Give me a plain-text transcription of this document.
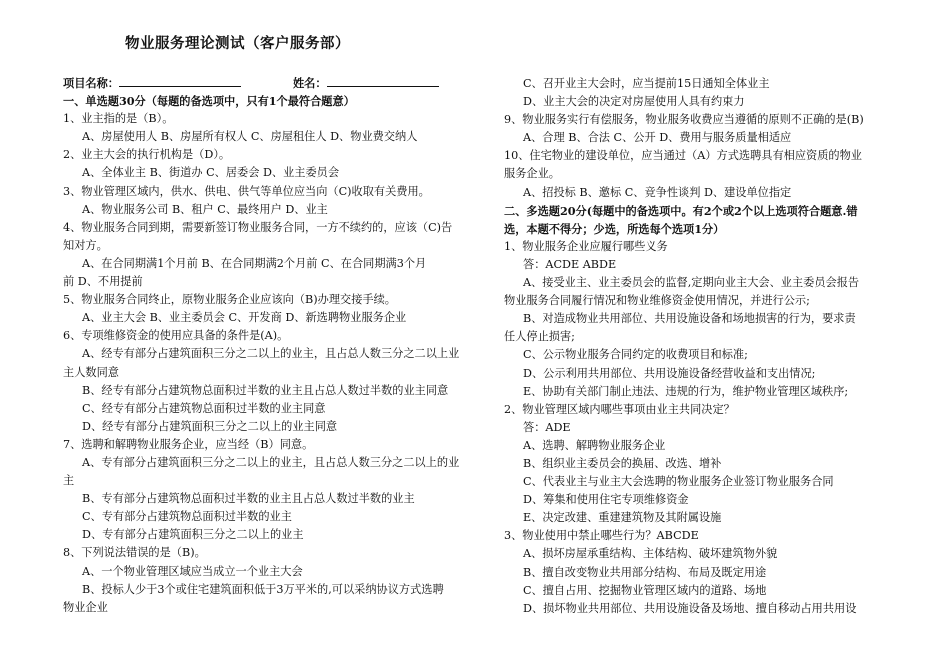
物业服务理论测试（客户服务部）
项目名称：	姓名：
一、单选题30分（每题的备选项中，只有1个最符合题意）
1、业主指的是（B）。
A、房屋使用人 B、房屋所有权人 C、房屋租住人 D、物业费交纳人
2、业主大会的执行机构是（D）。
A、全体业主 B、街道办 C、居委会 D、业主委员会
3、物业管理区域内，供水、供电、供气等单位应当向（C)收取有关费用。
A、物业服务公司 B、租户 C、最终用户 D、业主
4、物业服务合同到期，需要新签订物业服务合同，一方不续约的，应该（C)告
知对方。
A、在合同期满1个月前 B、在合同期满2个月前 C、在合同期满3个月
前 D、不用提前
5、物业服务合同终止，原物业服务企业应该向（B)办理交接手续。
A、业主大会 B、业主委员会 C、开发商 D、新选聘物业服务企业
6、专项维修资金的使用应具备的条件是(A)。
A、经专有部分占建筑面积三分之二以上的业主，且占总人数三分之二以上业
主人数同意
B、经专有部分占建筑物总面积过半数的业主且占总人数过半数的业主同意
C、经专有部分占建筑物总面积过半数的业主同意
D、经专有部分占建筑面积三分之二以上的业主同意
7、选聘和解聘物业服务企业，应当经（B）同意。
A、专有部分占建筑面积三分之二以上的业主，且占总人数三分之二以上的业
主
B、专有部分占建筑物总面积过半数的业主且占总人数过半数的业主
C、专有部分占建筑物总面积过半数的业主
D、专有部分占建筑面积三分之二以上的业主
8、下列说法错误的是（B)。
A、一个物业管理区域应当成立一个业主大会
B、投标人少于3个或住宅建筑面积低于3万平米的,可以采纳协议方式选聘
物业企业
C、召开业主大会时，应当提前15日通知全体业主
D、业主大会的决定对房屋使用人具有约束力
9、物业服务实行有偿服务，物业服务收费应当遵循的原则不正确的是(B)
A、合理 B、合法 C、公开 D、费用与服务质量相适应
10、住宅物业的建设单位，应当通过（A）方式选聘具有相应资质的物业
服务企业。
A、招投标 B、邀标 C、竞争性谈判 D、建设单位指定
二、多选题20分(每题中的备选项中。有2个或2个以上选项符合题意.错
选，本题不得分；少选，所选每个选项1分）
1、物业服务企业应履行哪些义务
答：ACDE ABDE
A、接受业主、业主委员会的监督,定期向业主大会、业主委员会报告
物业服务合同履行情况和物业维修资金使用情况，并进行公示;
B、对造成物业共用部位、共用设施设备和场地损害的行为，要求责
任人停止损害;
C、公示物业服务合同约定的收费项目和标准;
D、公示利用共用部位、共用设施设备经营收益和支出情况;
E、协助有关部门制止违法、违规的行为，维护物业管理区域秩序;
2、物业管理区域内哪些事项由业主共同决定？
答：ADE
A、选聘、解聘物业服务企业
B、组织业主委员会的换届、改选、增补
C、代表业主与业主大会选聘的物业服务企业签订物业服务合同
D、筹集和使用住宅专项维修资金
E、决定改建、重建建筑物及其附属设施
3、物业使用中禁止哪些行为？ABCDE
A、损坏房屋承重结构、主体结构、破坏建筑物外貌
B、擅自改变物业共用部分结构、布局及既定用途
C、擅自占用、挖掘物业管理区域内的道路、场地
D、损坏物业共用部位、共用设施设备及场地、擅自移动占用共用设
